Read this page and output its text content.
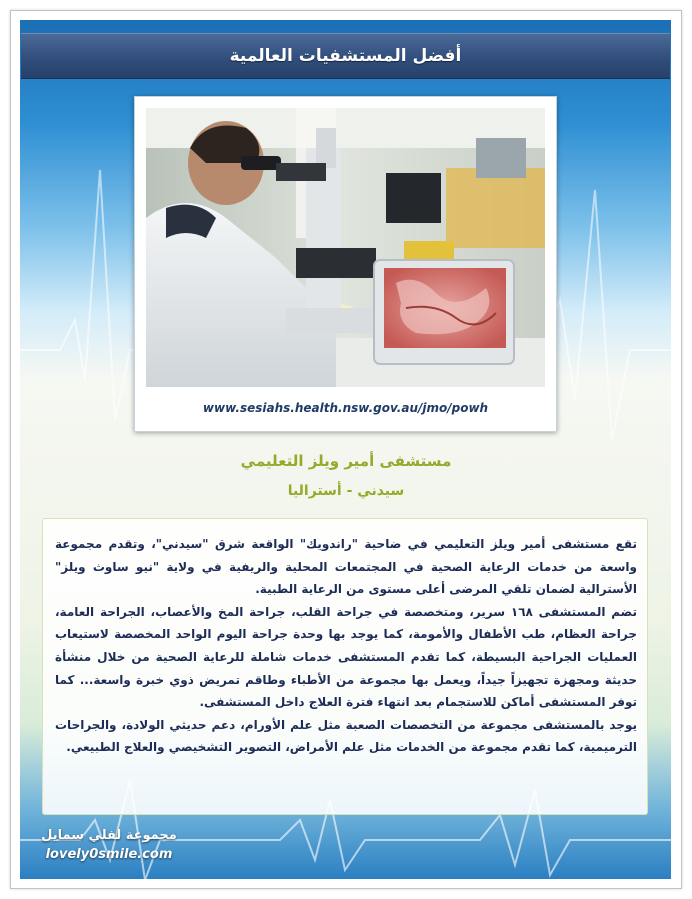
أفضل المستشفيات العالمية
www.sesiahs.health.nsw.gov.au/jmo/powh
مستشفى أمير ويلز التعليمي
سيدني - أستراليا

تقع مستشفى أمير ويلز التعليمي في ضاحية "راندويك" الواقعة شرق "سيدني"، وتقدم مجموعة واسعة من خدمات الرعاية الصحية في المجتمعات المحلية والريفية في ولاية "نيو ساوث ويلز" الأسترالية لضمان تلقي المرضى أعلى مستوى من الرعاية الطبية.

تضم المستشفى ١٦٨ سرير، ومتخصصة في جراحة القلب، جراحة المخ والأعصاب، الجراحة العامة، جراحة العظام، طب الأطفال والأمومة، كما يوجد بها وحدة جراحة اليوم الواحد المخصصة لاستيعاب العمليات الجراحية البسيطة، كما تقدم المستشفى خدمات شاملة للرعاية الصحية من خلال منشأة حديثة ومجهزة تجهيزاً جيداً، ويعمل بها مجموعة من الأطباء وطاقم تمريض ذوي خبرة واسعة... كما توفر المستشفى أماكن للاستجمام بعد انتهاء فترة العلاج داخل المستشفى.

يوجد بالمستشفى مجموعة من التخصصات الصعبة مثل علم الأورام، دعم حديثي الولادة، والجراحات الترميمية، كما تقدم مجموعة من الخدمات مثل علم الأمراض، التصوير التشخيصي والعلاج الطبيعي.

مجموعة لفلي سمايل
lovely0smile.com
